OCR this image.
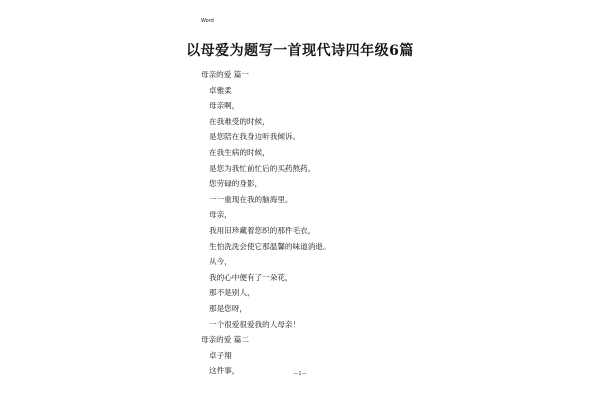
Word
以母爱为题写一首现代诗四年级6篇
母亲的爱 篇一
卓雅柔
母亲啊，
在我难受的时候，
是您陪在我身边听我倾诉。
在我生病的时候，
是您为我忙前忙后的买药熬药。
您劳碌的身影，
一一重现在我的脑海里。
母亲，
我用旧珍藏着您织的那件毛衣，
生怕洗洗会使它那温馨的味道消逝。
从今，
我的心中便有了一朵花，
那不是别人，
那是您呀，
一个很爱很爱我的人母亲！
母亲的爱 篇二
卓子翔
这件事，	—1—
